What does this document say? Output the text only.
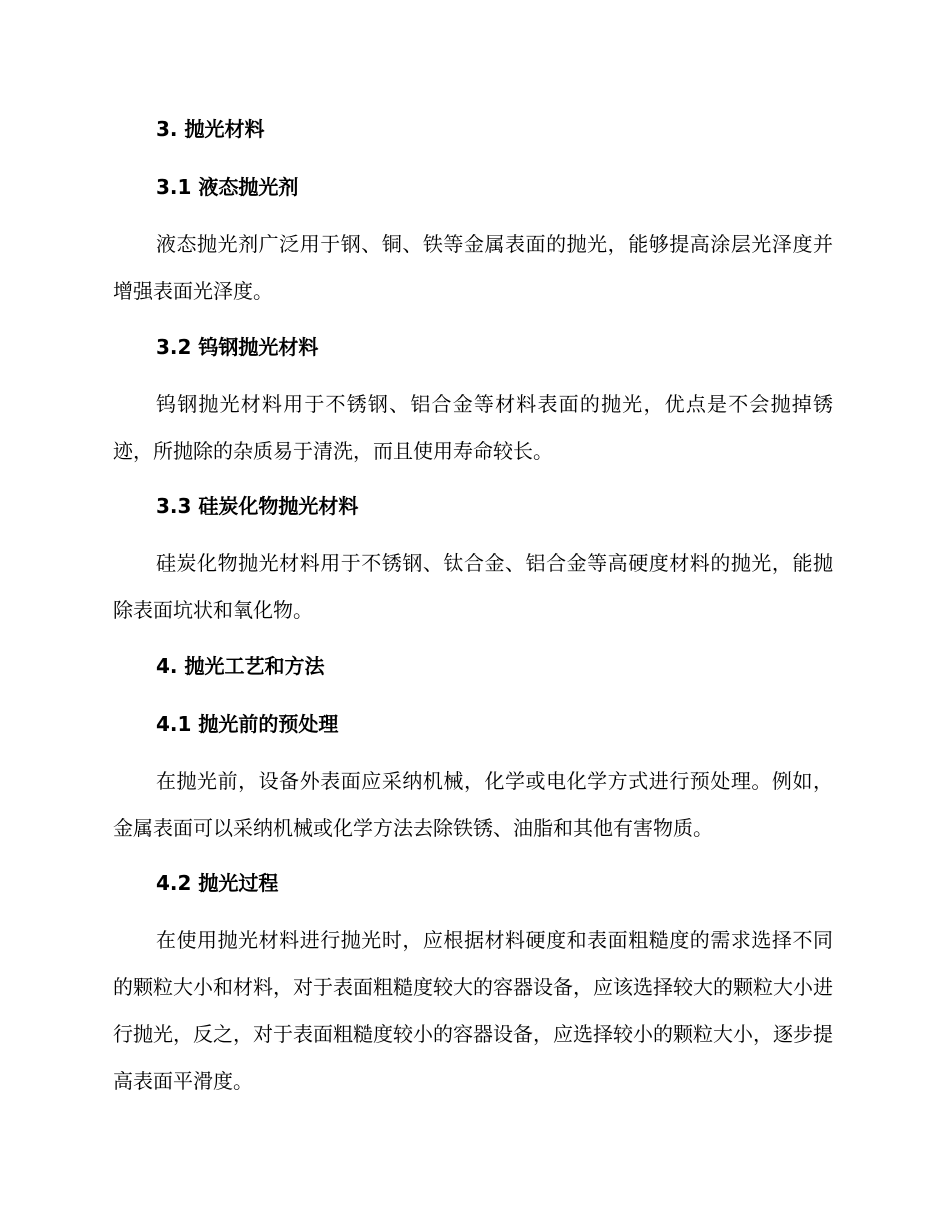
3. 抛光材料
3.1 液态抛光剂

液态抛光剂广泛用于钢、铜、铁等金属表面的抛光，能够提高涂层光泽度并增强表面光泽度。

3.2 钨钢抛光材料

钨钢抛光材料用于不锈钢、铝合金等材料表面的抛光，优点是不会抛掉锈迹，所抛除的杂质易于清洗，而且使用寿命较长。

3.3 硅炭化物抛光材料

硅炭化物抛光材料用于不锈钢、钛合金、铝合金等高硬度材料的抛光，能抛除表面坑状和氧化物。

4. 抛光工艺和方法
4.1 抛光前的预处理

在抛光前，设备外表面应采纳机械，化学或电化学方式进行预处理。例如，金属表面可以采纳机械或化学方法去除铁锈、油脂和其他有害物质。

4.2 抛光过程

在使用抛光材料进行抛光时，应根据材料硬度和表面粗糙度的需求选择不同的颗粒大小和材料，对于表面粗糙度较大的容器设备，应该选择较大的颗粒大小进行抛光，反之，对于表面粗糙度较小的容器设备，应选择较小的颗粒大小，逐步提高表面平滑度。
